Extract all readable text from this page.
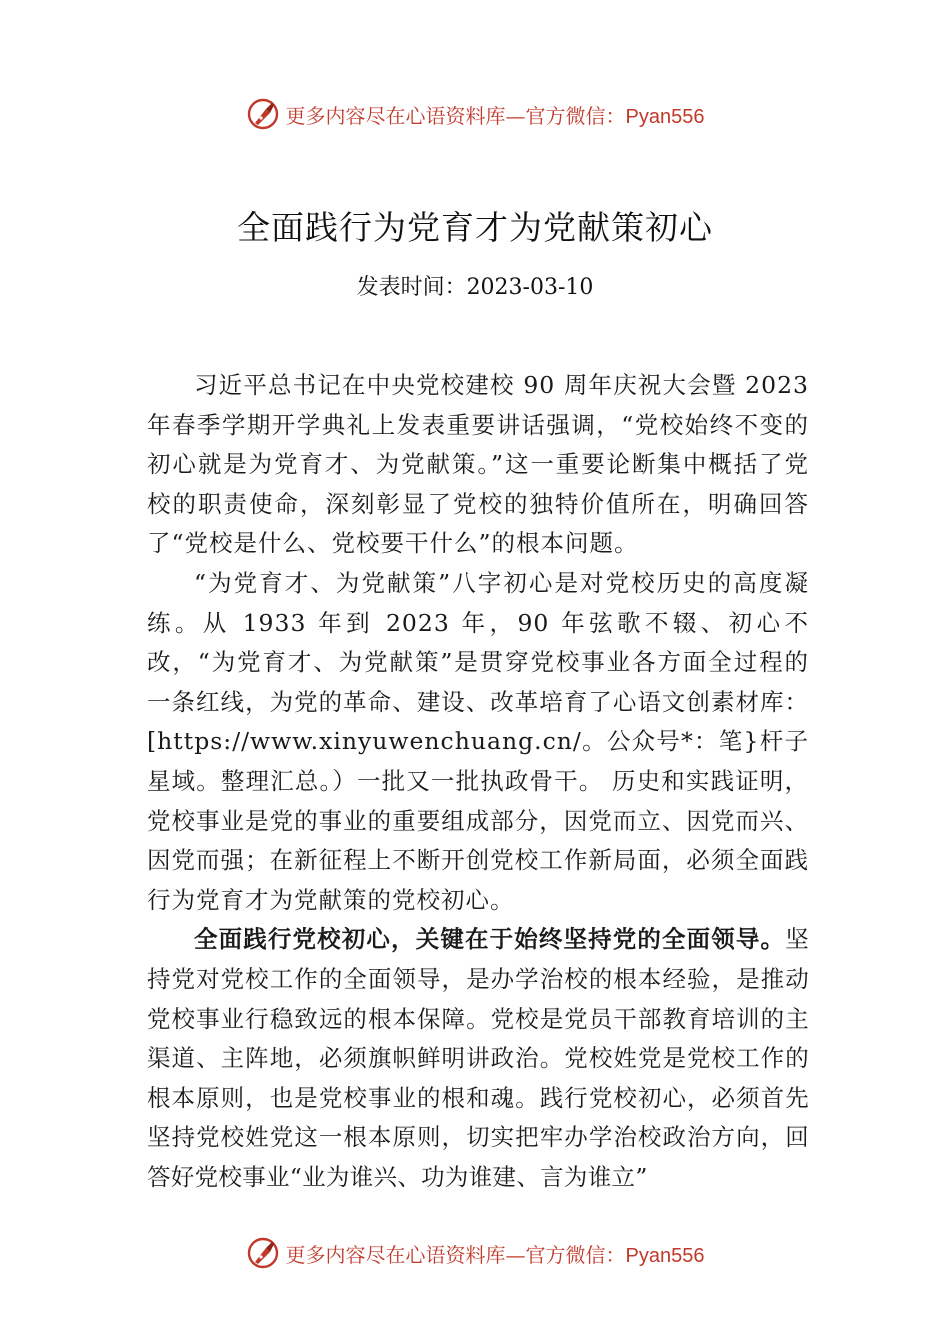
更多内容尽在心语资料库—官方微信：Pyan556
全面践行为党育才为党献策初心
发表时间：2023-03-10

习近平总书记在中央党校建校 90 周年庆祝大会暨 2023 年春季学期开学典礼上发表重要讲话强调，“党校始终不变的初心就是为党育才、为党献策。”这一重要论断集中概括了党校的职责使命，深刻彰显了党校的独特价值所在，明确回答了“党校是什么、党校要干什么”的根本问题。

“为党育才、为党献策”八字初心是对党校历史的高度凝练。从 1933 年到 2023 年，90 年弦歌不辍、初心不改，“为党育才、为党献策”是贯穿党校事业各方面全过程的一条红线，为党的革命、建设、改革培育了心语文创素材库：[https://www.xinyuwenchuang.cn/。公众号*：笔}杆子星域。整理汇总。）一批又一批执政骨干。 历史和实践证明，党校事业是党的事业的重要组成部分，因党而立、因党而兴、因党而强；在新征程上不断开创党校工作新局面，必须全面践行为党育才为党献策的党校初心。

全面践行党校初心，关键在于始终坚持党的全面领导。坚持党对党校工作的全面领导，是办学治校的根本经验，是推动党校事业行稳致远的根本保障。党校是党员干部教育培训的主渠道、主阵地，必须旗帜鲜明讲政治。党校姓党是党校工作的根本原则，也是党校事业的根和魂。践行党校初心，必须首先坚持党校姓党这一根本原则，切实把牢办学治校政治方向，回答好党校事业“业为谁兴、功为谁建、言为谁立”

更多内容尽在心语资料库—官方微信：Pyan556
